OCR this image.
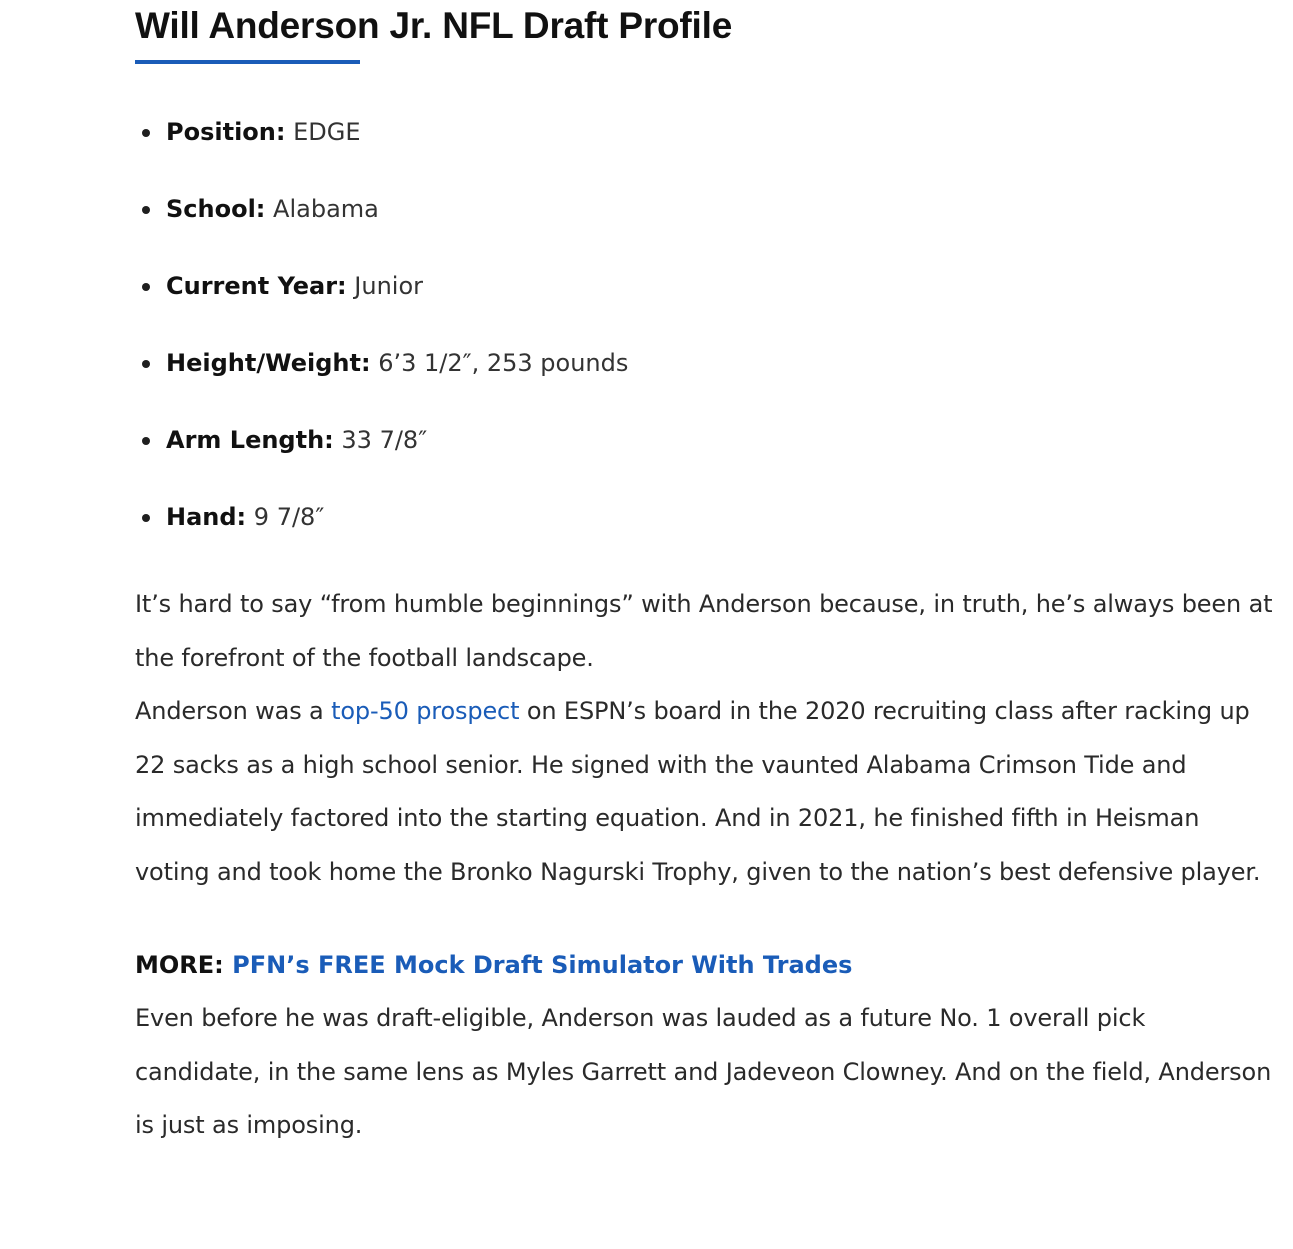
Will Anderson Jr. NFL Draft Profile
Position: EDGE
School: Alabama
Current Year: Junior
Height/Weight: 6’3 1/2″, 253 pounds
Arm Length: 33 7/8″
Hand: 9 7/8″

It’s hard to say “from humble beginnings” with Anderson because, in truth, he’s always been at the forefront of the football landscape.

Anderson was a top-50 prospect on ESPN’s board in the 2020 recruiting class after racking up 22 sacks as a high school senior. He signed with the vaunted Alabama Crimson Tide and immediately factored into the starting equation. And in 2021, he finished fifth in Heisman voting and took home the Bronko Nagurski Trophy, given to the nation’s best defensive player.

MORE: PFN’s FREE Mock Draft Simulator With Trades

Even before he was draft-eligible, Anderson was lauded as a future No. 1 overall pick candidate, in the same lens as Myles Garrett and Jadeveon Clowney. And on the field, Anderson is just as imposing.
